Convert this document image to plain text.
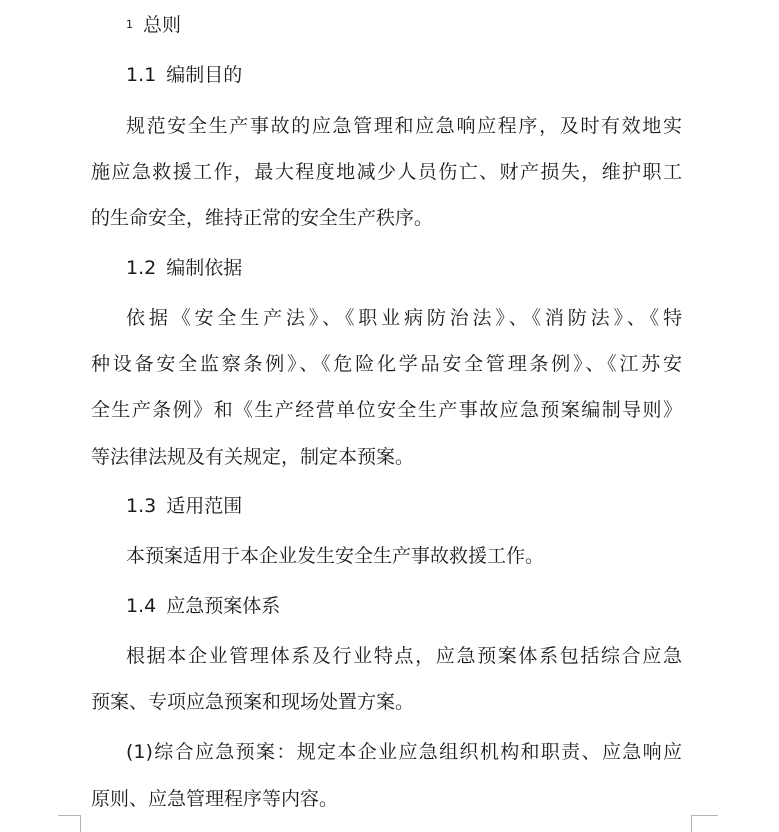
1 总则
1.1 编制目的
规范安全生产事故的应急管理和应急响应程序，及时有效地实
施应急救援工作，最大程度地减少人员伤亡、财产损失，维护职工
的生命安全，维持正常的安全生产秩序。
1.2 编制依据
依据《安全生产法》、《职业病防治法》、《消防法》、《特
种设备安全监察条例》、《危险化学品安全管理条例》、《江苏安
全生产条例》和《生产经营单位安全生产事故应急预案编制导则》
等法律法规及有关规定，制定本预案。
1.3 适用范围
本预案适用于本企业发生安全生产事故救援工作。
1.4 应急预案体系
根据本企业管理体系及行业特点，应急预案体系包括综合应急
预案、专项应急预案和现场处置方案。
(1)综合应急预案：规定本企业应急组织机构和职责、应急响应
原则、应急管理程序等内容。
